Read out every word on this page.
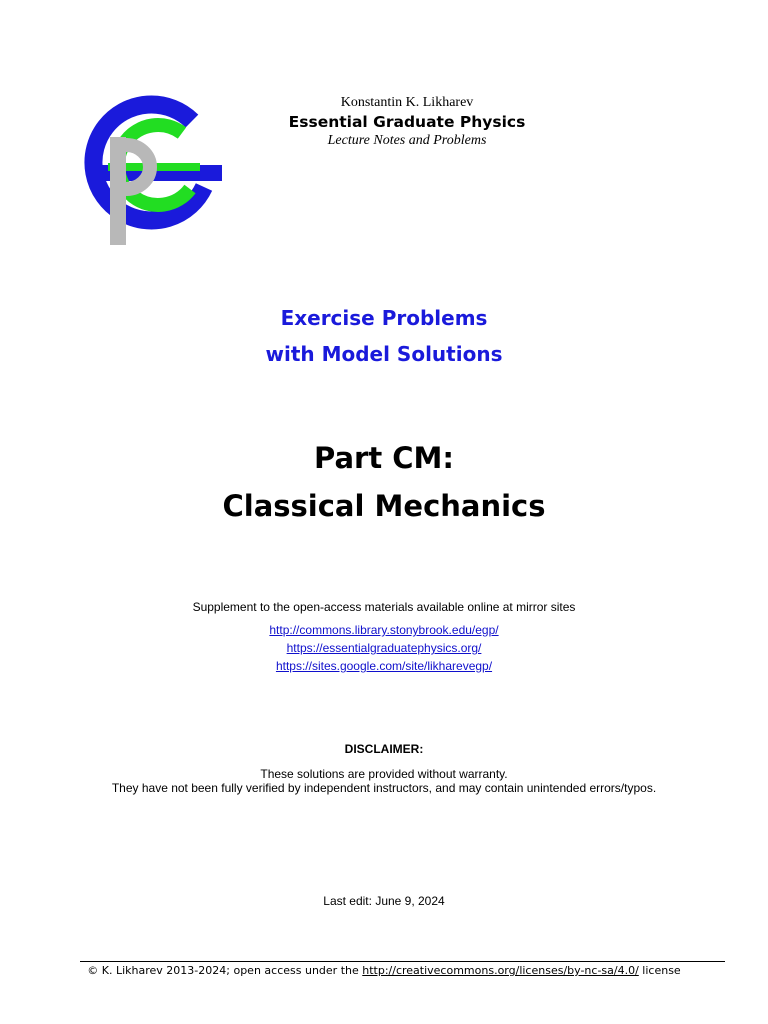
Konstantin K. Likharev
Essential Graduate Physics
Lecture Notes and Problems
Exercise Problems
with Model Solutions
Part CM:
Classical Mechanics
Supplement to the open-access materials available online at mirror sites
http://commons.library.stonybrook.edu/egp/
https://essentialgraduatephysics.org/
https://sites.google.com/site/likharevegp/
DISCLAIMER:
These solutions are provided without warranty.
They have not been fully verified by independent instructors, and may contain unintended errors/typos.
Last edit: June 9, 2024
© K. Likharev 2013-2024; open access under the http://creativecommons.org/licenses/by-nc-sa/4.0/ license
